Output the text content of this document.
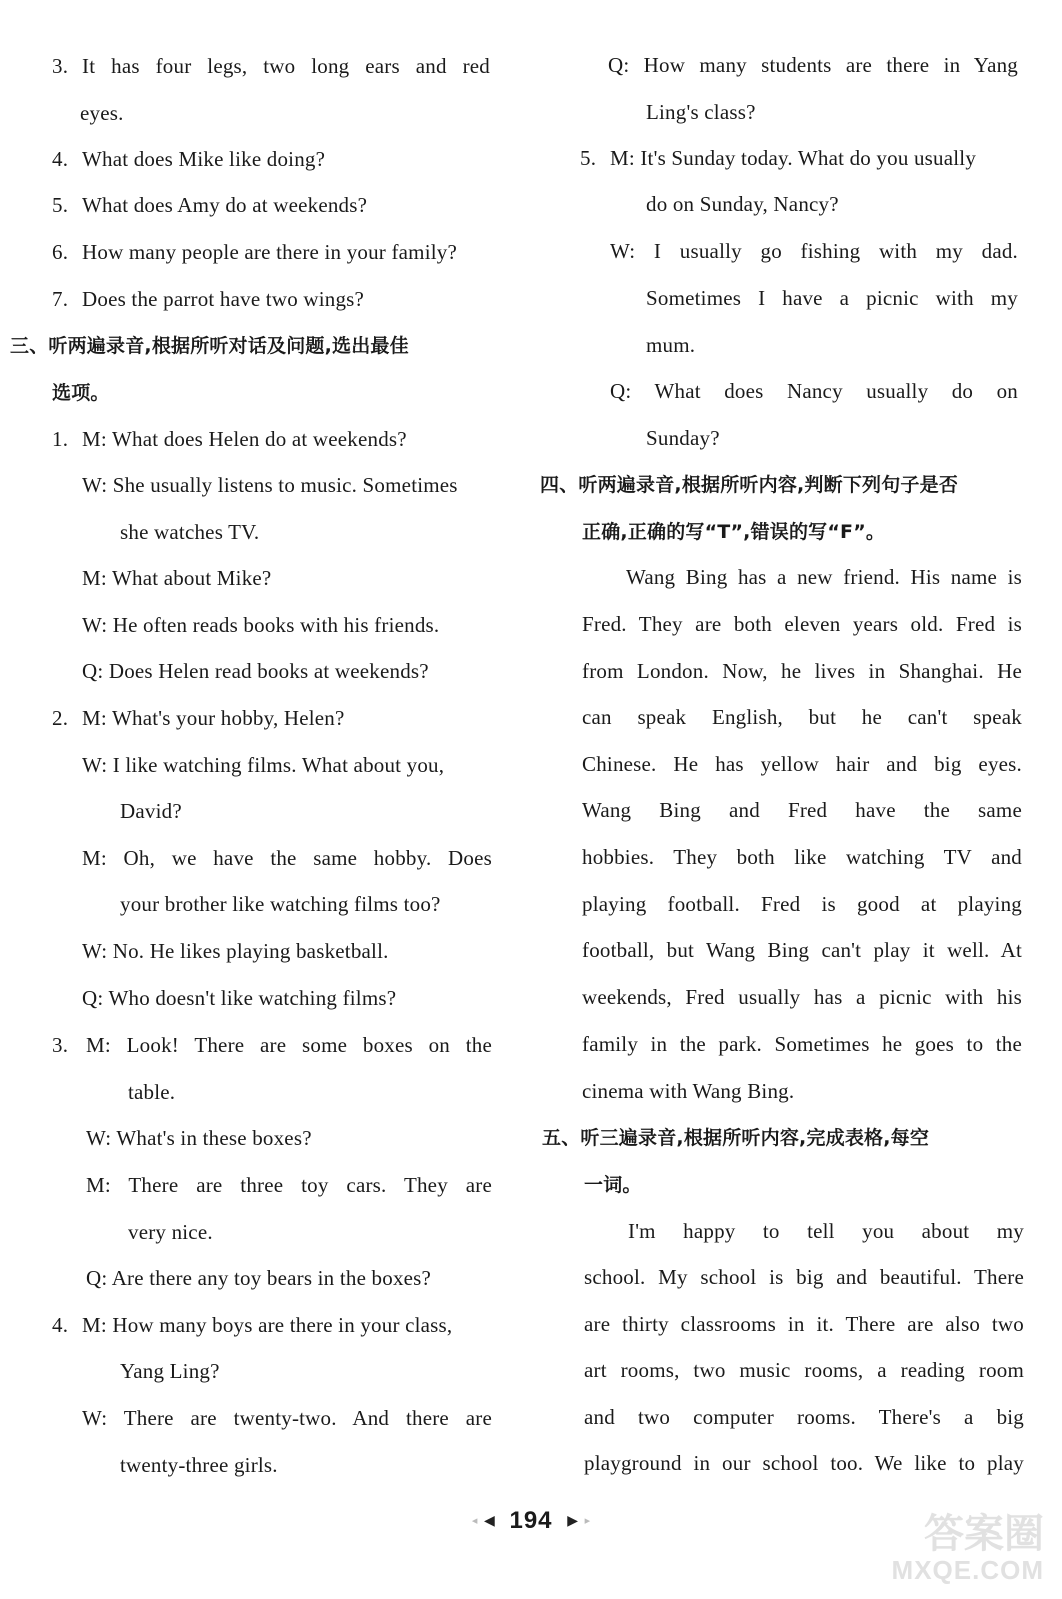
3. It has four legs, two long ears and red
eyes.
4. What does Mike like doing?
5. What does Amy do at weekends?
6. How many people are there in your family?
7. Does the parrot have two wings?
三、听两遍录音,根据所听对话及问题,选出最佳
选项。
1. M: What does Helen do at weekends?
W: She usually listens to music. Sometimes
she watches TV.
M: What about Mike?
W: He often reads books with his friends.
Q: Does Helen read books at weekends?
2. M: What's your hobby, Helen?
W: I like watching films. What about you,
David?
M: Oh, we have the same hobby. Does
your brother like watching films too?
W: No. He likes playing basketball.
Q: Who doesn't like watching films?
3. M: Look! There are some boxes on the
table.
W: What's in these boxes?
M: There are three toy cars. They are
very nice.
Q: Are there any toy bears in the boxes?
4. M: How many boys are there in your class,
Yang Ling?
W: There are twenty-two. And there are
twenty-three girls.
Q: How many students are there in Yang
Ling's class?
5. M: It's Sunday today. What do you usually
do on Sunday, Nancy?
W: I usually go fishing with my dad.
Sometimes I have a picnic with my
mum.
Q: What does Nancy usually do on
Sunday?
四、听两遍录音,根据所听内容,判断下列句子是否
正确,正确的写“T”,错误的写“F”。
Wang Bing has a new friend. His name is
Fred. They are both eleven years old. Fred is
from London. Now, he lives in Shanghai. He
can speak English, but he can't speak
Chinese. He has yellow hair and big eyes.
Wang Bing and Fred have the same
hobbies. They both like watching TV and
playing football. Fred is good at playing
football, but Wang Bing can't play it well. At
weekends, Fred usually has a picnic with his
family in the park. Sometimes he goes to the
cinema with Wang Bing.
五、听三遍录音,根据所听内容,完成表格,每空
一词。
I'm happy to tell you about my
school. My school is big and beautiful. There
are thirty classrooms in it. There are also two
art rooms, two music rooms, a reading room
and two computer rooms. There's a big
playground in our school too. We like to play
◂ ◀ 194 ▶ ▸	答案圈
MXQE.COM
